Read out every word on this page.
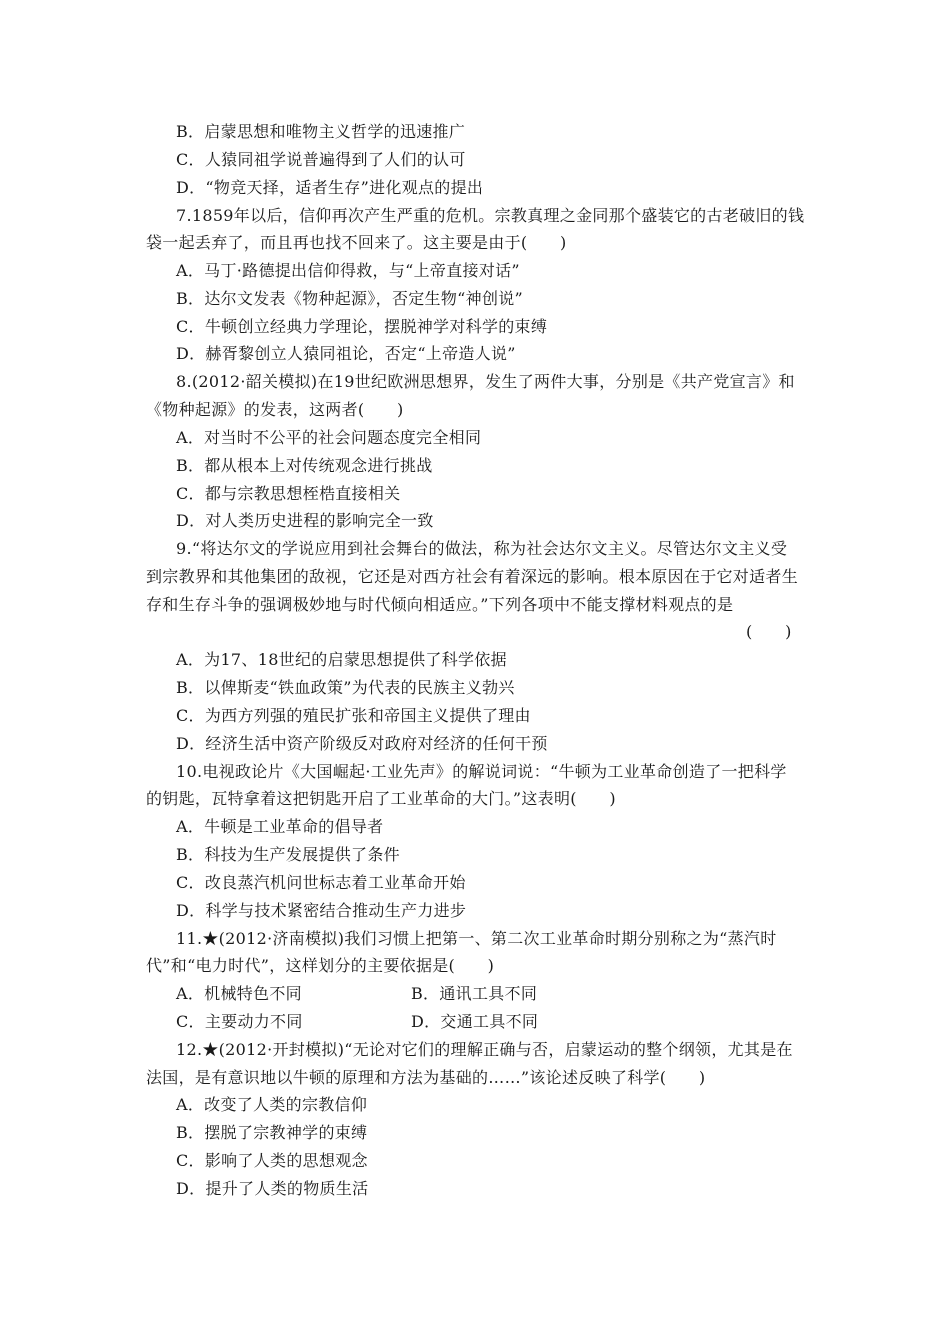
B．启蒙思想和唯物主义哲学的迅速推广
C．人猿同祖学说普遍得到了人们的认可
D．“物竞天择，适者生存”进化观点的提出
7.1859年以后，信仰再次产生严重的危机。宗教真理之金同那个盛装它的古老破旧的钱
袋一起丢弃了，而且再也找不回来了。这主要是由于(　　)
A．马丁·路德提出信仰得救，与“上帝直接对话”
B．达尔文发表《物种起源》，否定生物“神创说”
C．牛顿创立经典力学理论，摆脱神学对科学的束缚
D．赫胥黎创立人猿同祖论，否定“上帝造人说”
8.(2012·韶关模拟)在19世纪欧洲思想界，发生了两件大事，分别是《共产党宣言》和
《物种起源》的发表，这两者(　　)
A．对当时不公平的社会问题态度完全相同
B．都从根本上对传统观念进行挑战
C．都与宗教思想桎梏直接相关
D．对人类历史进程的影响完全一致
9.“将达尔文的学说应用到社会舞台的做法，称为社会达尔文主义。尽管达尔文主义受
到宗教界和其他集团的敌视，它还是对西方社会有着深远的影响。根本原因在于它对适者生
存和生存斗争的强调极妙地与时代倾向相适应。”下列各项中不能支撑材料观点的是
(　　)
A．为17、18世纪的启蒙思想提供了科学依据
B．以俾斯麦“铁血政策”为代表的民族主义勃兴
C．为西方列强的殖民扩张和帝国主义提供了理由
D．经济生活中资产阶级反对政府对经济的任何干预
10.电视政论片《大国崛起·工业先声》的解说词说：“牛顿为工业革命创造了一把科学
的钥匙，瓦特拿着这把钥匙开启了工业革命的大门。”这表明(　　)
A．牛顿是工业革命的倡导者
B．科技为生产发展提供了条件
C．改良蒸汽机问世标志着工业革命开始
D．科学与技术紧密结合推动生产力进步
11.★(2012·济南模拟)我们习惯上把第一、第二次工业革命时期分别称之为“蒸汽时
代”和“电力时代”，这样划分的主要依据是(　　)
A．机械特色不同	B．通讯工具不同
C．主要动力不同	D．交通工具不同
12.★(2012·开封模拟)“无论对它们的理解正确与否，启蒙运动的整个纲领，尤其是在
法国，是有意识地以牛顿的原理和方法为基础的……”该论述反映了科学(　　)
A．改变了人类的宗教信仰
B．摆脱了宗教神学的束缚
C．影响了人类的思想观念
D．提升了人类的物质生活
